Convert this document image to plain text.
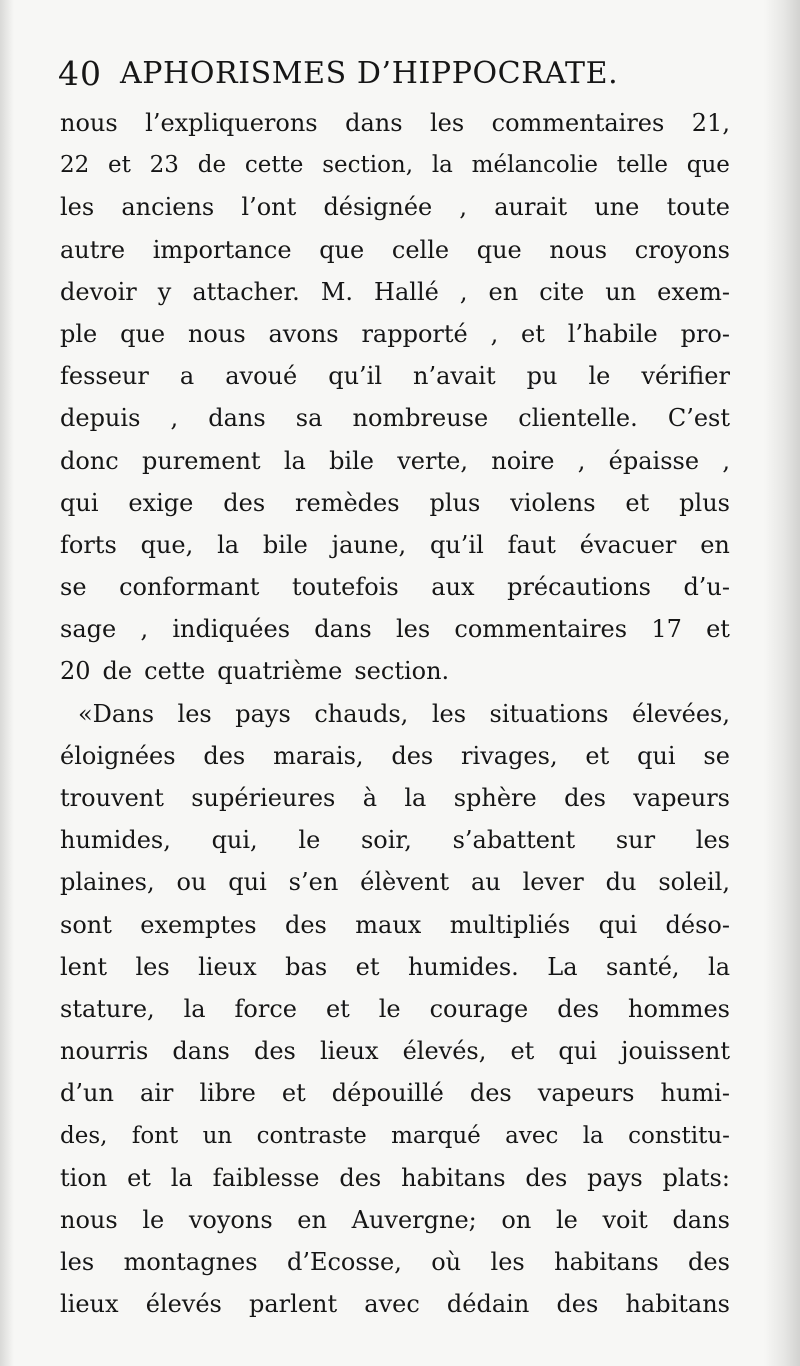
40 APHORISMES D’HIPPOCRATE.
nous l’expliquerons dans les commentaires 21,
22 et 23 de cette section, la mélancolie telle que
les anciens l’ont désignée , aurait une toute
autre importance que celle que nous croyons
devoir y attacher. M. Hallé , en cite un exem-
ple que nous avons rapporté , et l’habile pro-
fesseur a avoué qu’il n’avait pu le vérifier
depuis , dans sa nombreuse clientelle. C’est
donc purement la bile verte, noire , épaisse ,
qui exige des remèdes plus violens et plus
forts que, la bile jaune, qu’il faut évacuer en
se conformant toutefois aux précautions d’u-
sage , indiquées dans les commentaires 17 et
20 de cette quatrième section.
«Dans les pays chauds, les situations élevées,
éloignées des marais, des rivages, et qui se
trouvent supérieures à la sphère des vapeurs
humides, qui, le soir, s’abattent sur les
plaines, ou qui s’en élèvent au lever du soleil,
sont exemptes des maux multipliés qui déso-
lent les lieux bas et humides. La santé, la
stature, la force et le courage des hommes
nourris dans des lieux élevés, et qui jouissent
d’un air libre et dépouillé des vapeurs humi-
des, font un contraste marqué avec la constitu-
tion et la faiblesse des habitans des pays plats:
nous le voyons en Auvergne; on le voit dans
les montagnes d’Ecosse, où les habitans des
lieux élevés parlent avec dédain des habitans
